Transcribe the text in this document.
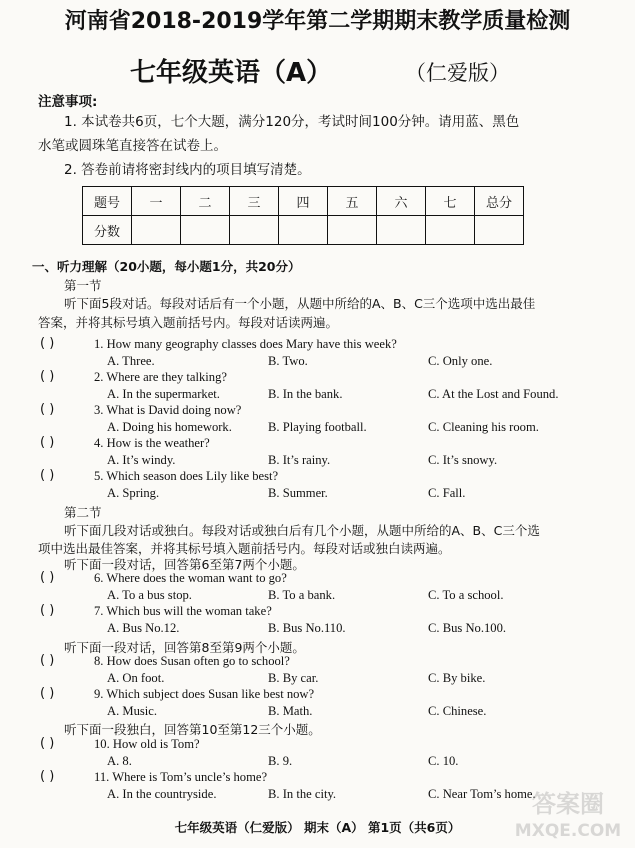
河南省2018-2019学年第二学期期末教学质量检测
七年级英语（A）	（仁爱版）
注意事项:
1. 本试卷共6页，七个大题，满分120分，考试时间100分钟。请用蓝、黑色
水笔或圆珠笔直接答在试卷上。
2. 答卷前请将密封线内的项目填写清楚。
题号	一	二	三	四	五	六	七	总分
分数								
一、听力理解（20小题，每小题1分，共20分）
第一节
听下面5段对话。每段对话后有一个小题，从题中所给的A、B、C三个选项中选出最佳
答案，并将其标号填入题前括号内。每段对话读两遍。
( )	1. How many geography classes does Mary have this week?
A. Three.	B. Two.	C. Only one.
( )	2. Where are they talking?
A. In the supermarket.	B. In the bank.	C. At the Lost and Found.
( )	3. What is David doing now?
A. Doing his homework.	B. Playing football.	C. Cleaning his room.
( )	4. How is the weather?
A. It’s windy.	B. It’s rainy.	C. It’s snowy.
( )	5. Which season does Lily like best?
A. Spring.	B. Summer.	C. Fall.
( )	6. Where does the woman want to go?
A. To a bus stop.	B. To a bank.	C. To a school.
( )	7. Which bus will the woman take?
A. Bus No.12.	B. Bus No.110.	C. Bus No.100.
( )	8. How does Susan often go to school?
A. On foot.	B. By car.	C. By bike.
( )	9. Which subject does Susan like best now?
A. Music.	B. Math.	C. Chinese.
( )	10. How old is Tom?
A. 8.	B. 9.	C. 10.
( )	11. Where is Tom’s uncle’s home?
A. In the countryside.	B. In the city.	C. Near Tom’s home.
第二节
听下面几段对话或独白。每段对话或独白后有几个小题，从题中所给的A、B、C三个选
项中选出最佳答案，并将其标号填入题前括号内。每段对话或独白读两遍。
听下面一段对话，回答第6至第7两个小题。
听下面一段对话，回答第8至第9两个小题。
听下面一段独白，回答第10至第12三个小题。
七年级英语（仁爱版） 期末（A） 第1页（共6页）
答案圈
MXQE.COM
